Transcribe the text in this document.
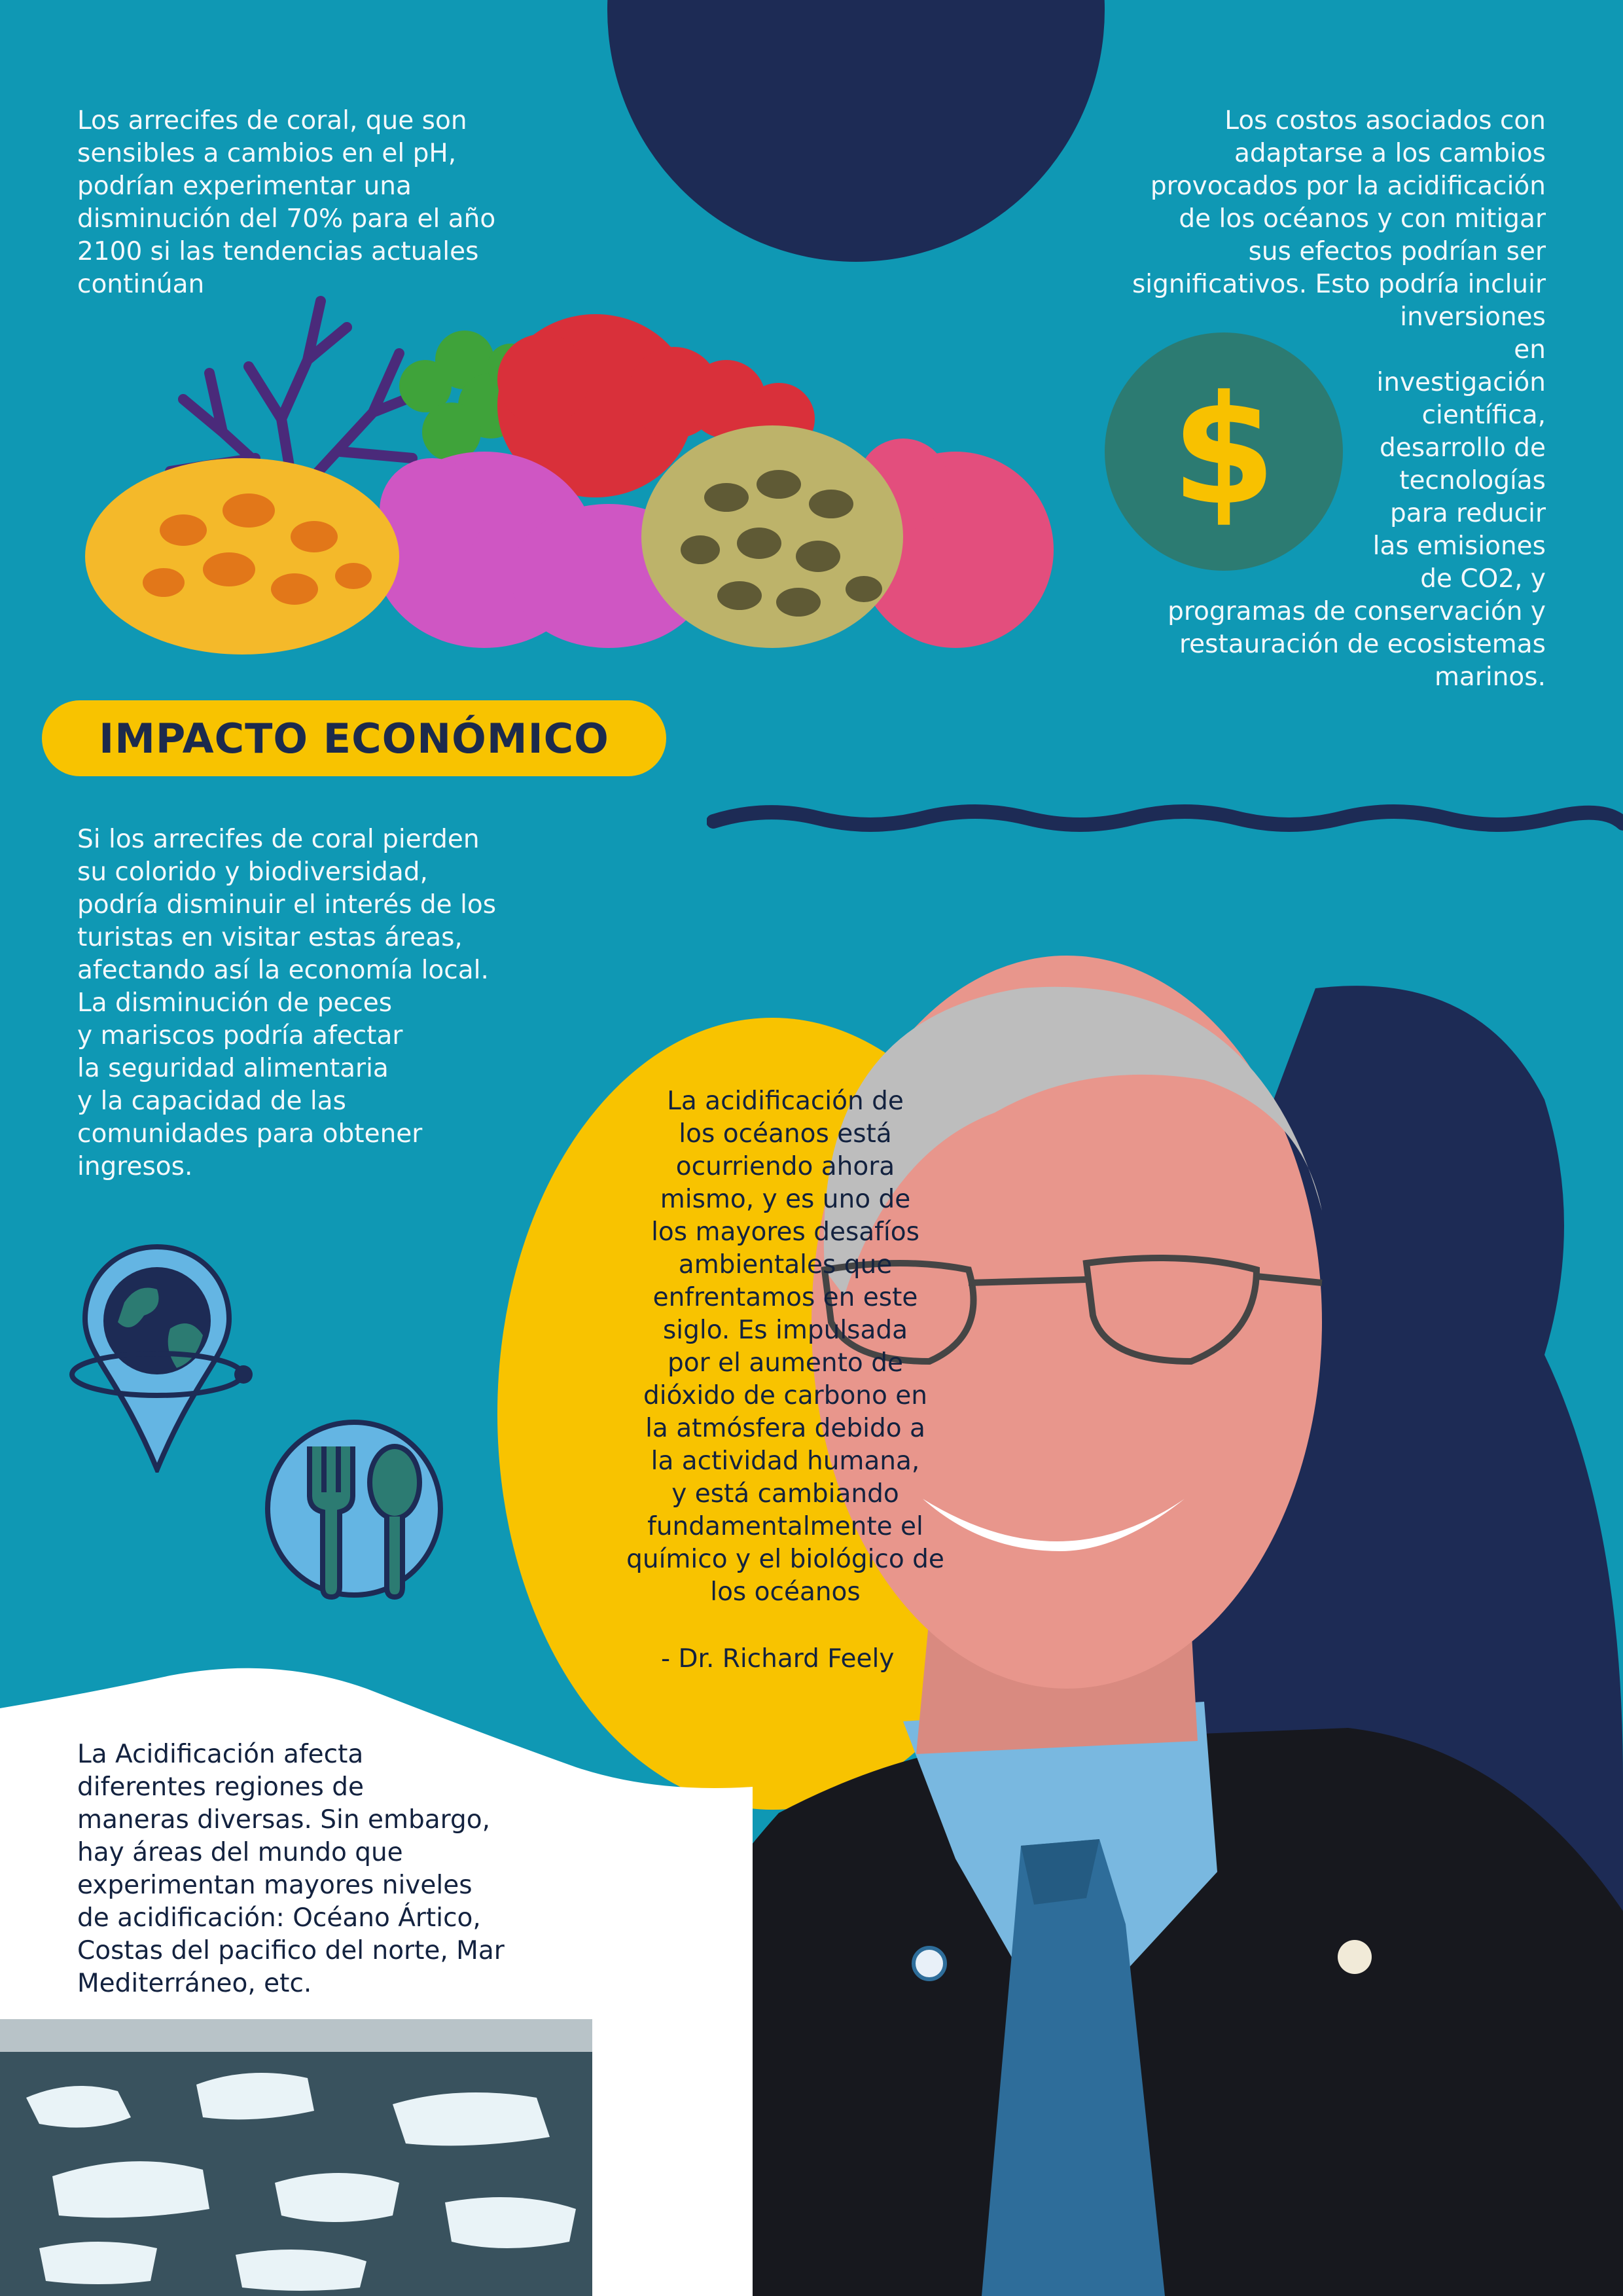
Los arrecifes de coral, que son
sensibles a cambios en el pH,
podrían experimentar una
disminución del 70% para el año
2100 si las tendencias actuales
continúan

Los costos asociados con
adaptarse a los cambios
provocados por la acidificación
de los océanos y con mitigar
sus efectos podrían ser
significativos. Esto podría incluir
inversiones
en
investigación
científica,
desarrollo de
tecnologías
para reducir
las emisiones
de CO2, y
programas de conservación y
restauración de ecosistemas
marinos.

$
IMPACTO ECONÓMICO

Si los arrecifes de coral pierden
su colorido y biodiversidad,
podría disminuir el interés de los
turistas en visitar estas áreas,
afectando así la economía local.
La disminución de peces
y mariscos podría afectar
la seguridad alimentaria
y la capacidad de las
comunidades para obtener
ingresos.

La acidificación de
los océanos está
ocurriendo ahora
mismo, y es uno de
los mayores desafíos
ambientales que
enfrentamos en este
siglo. Es impulsada
por el aumento de
dióxido de carbono en
la atmósfera debido a
la actividad humana,
y está cambiando
fundamentalmente el
químico y el biológico de
los océanos

- Dr. Richard Feely

La Acidificación afecta
diferentes regiones de
maneras diversas. Sin embargo,
hay áreas del mundo que
experimentan mayores niveles
de acidificación: Océano Ártico,
Costas del pacifico del norte, Mar
Mediterráneo, etc.
